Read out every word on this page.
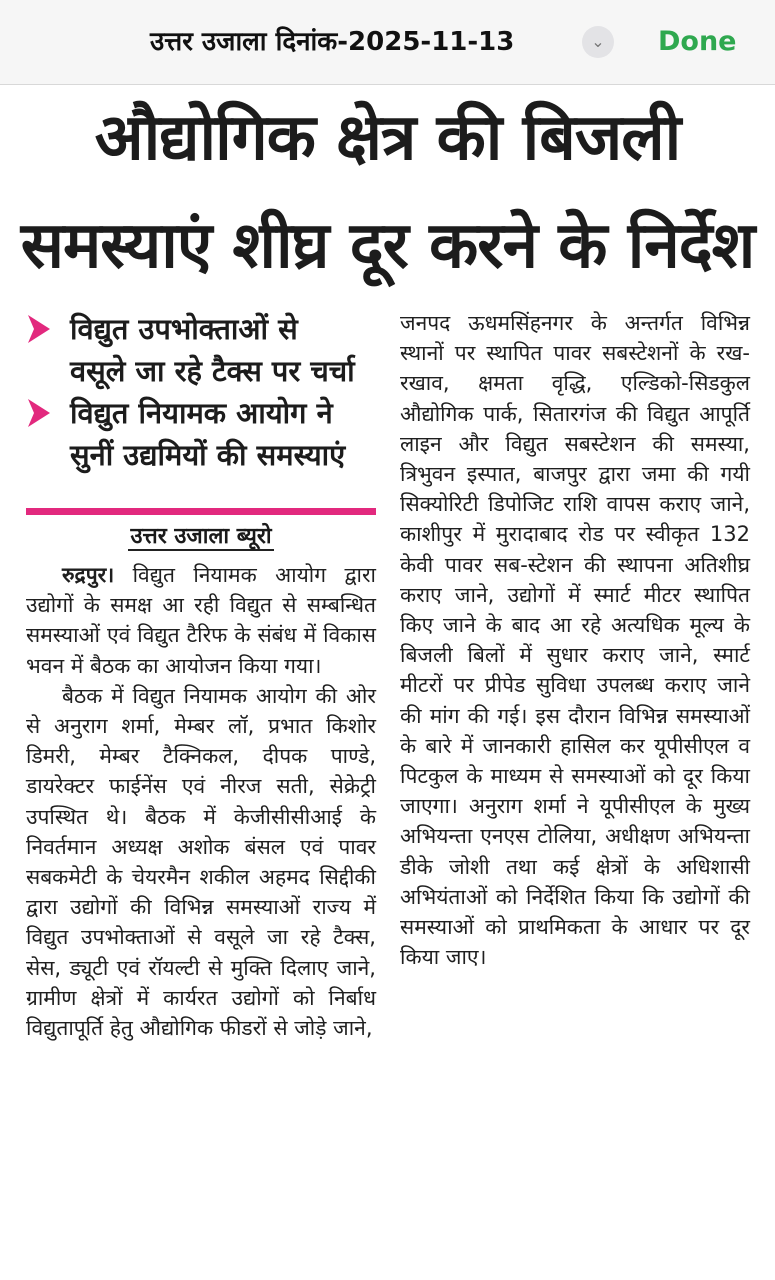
उत्तर उजाला दिनांक-2025-11-13	⌄	Done
औद्योगिक क्षेत्र की बिजली
समस्याएं शीघ्र दूर करने के निर्देश
विद्युत उपभोक्ताओं से
वसूले जा रहे टैक्स पर चर्चा
विद्युत नियामक आयोग ने
सुनीं उद्यमियों की समस्याएं
उत्तर उजाला ब्यूरो

रुद्रपुर। विद्युत नियामक आयोग द्वारा उद्योगों के समक्ष आ रही विद्युत से सम्बन्धित समस्याओं एवं विद्युत टैरिफ के संबंध में विकास भवन में बैठक का आयोजन किया गया।

बैठक में विद्युत नियामक आयोग की ओर से अनुराग शर्मा, मेम्बर लॉ, प्रभात किशोर डिमरी, मेम्बर टैक्निकल, दीपक पाण्डे, डायरेक्टर फाईनेंस एवं नीरज सती, सेक्रेट्री उपस्थित थे। बैठक में केजीसीसीआई के निवर्तमान अध्यक्ष अशोक बंसल एवं पावर सबकमेटी के चेयरमैन शकील अहमद सिद्दीकी द्वारा उद्योगों की विभिन्न समस्याओं राज्य में विद्युत उपभोक्ताओं से वसूले जा रहे टैक्स, सेस, ड्यूटी एवं रॉयल्टी से मुक्ति दिलाए जाने, ग्रामीण क्षेत्रों में कार्यरत उद्योगों को निर्बाध विद्युतापूर्ति हेतु औद्योगिक फीडरों से जोड़े जाने,

जनपद ऊधमसिंहनगर के अन्तर्गत विभिन्न स्थानों पर स्थापित पावर सबस्टेशनों के रख-रखाव, क्षमता वृद्धि, एल्डिको-सिडकुल औद्योगिक पार्क, सितारगंज की विद्युत आपूर्ति लाइन और विद्युत सबस्टेशन की समस्या, त्रिभुवन इस्पात, बाजपुर द्वारा जमा की गयी सिक्योरिटी डिपोजिट राशि वापस कराए जाने, काशीपुर में मुरादाबाद रोड पर स्वीकृत 132 केवी पावर सब-स्टेशन की स्थापना अतिशीघ्र कराए जाने, उद्योगों में स्मार्ट मीटर स्थापित किए जाने के बाद आ रहे अत्यधिक मूल्य के बिजली बिलों में सुधार कराए जाने, स्मार्ट मीटरों पर प्रीपेड सुविधा उपलब्ध कराए जाने की मांग की गई। इस दौरान विभिन्न समस्याओं के बारे में जानकारी हासिल कर यूपीसीएल व पिटकुल के माध्यम से समस्याओं को दूर किया जाएगा। अनुराग शर्मा ने यूपीसीएल के मुख्य अभियन्ता एनएस टोलिया, अधीक्षण अभियन्ता डीके जोशी तथा कई क्षेत्रों के अधिशासी अभियंताओं को निर्देशित किया कि उद्योगों की समस्याओं को प्राथमिकता के आधार पर दूर किया जाए।
